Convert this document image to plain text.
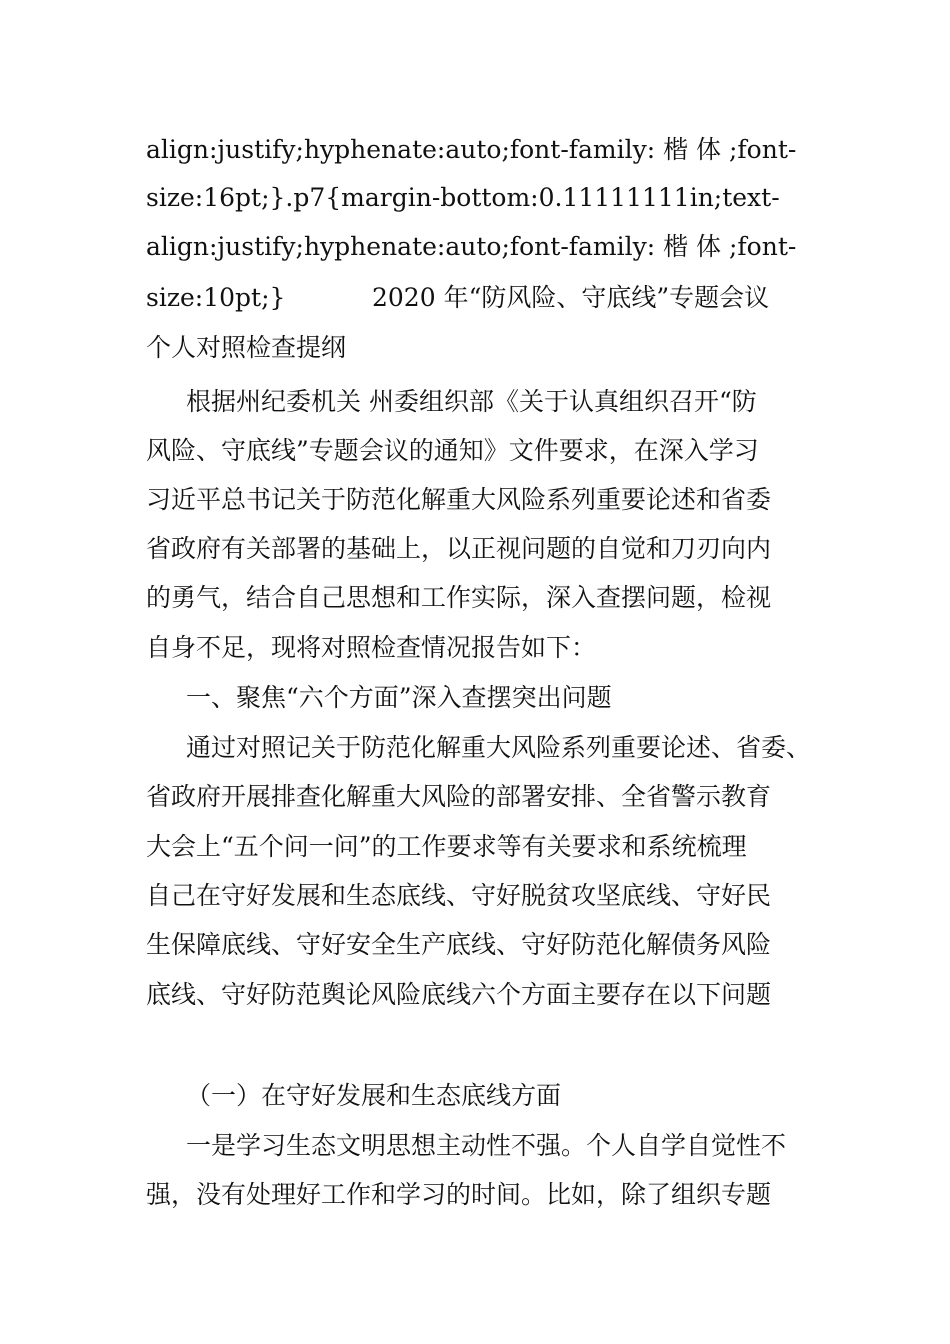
align:justify;hyphenate:auto;font-family: 楷 体 ;font-
size:16pt;}.p7{margin-bottom:0.11111111in;text-
align:justify;hyphenate:auto;font-family: 楷 体 ;font-
size:10pt;}	2020 年“防风险、守底线”专题会议
个人对照检查提纲
根据州纪委机关 州委组织部《关于认真组织召开“防
风险、守底线”专题会议的通知》文件要求，在深入学习
习近平总书记关于防范化解重大风险系列重要论述和省委
省政府有关部署的基础上，以正视问题的自觉和刀刃向内
的勇气，结合自己思想和工作实际，深入查摆问题，检视
自身不足，现将对照检查情况报告如下：
一、聚焦“六个方面”深入查摆突出问题
通过对照记关于防范化解重大风险系列重要论述、省委、
省政府开展排查化解重大风险的部署安排、全省警示教育
大会上“五个问一问”的工作要求等有关要求和系统梳理
自己在守好发展和生态底线、守好脱贫攻坚底线、守好民
生保障底线、守好安全生产底线、守好防范化解债务风险
底线、守好防范舆论风险底线六个方面主要存在以下问题
（一）在守好发展和生态底线方面
一是学习生态文明思想主动性不强。个人自学自觉性不
强，没有处理好工作和学习的时间。比如，除了组织专题
